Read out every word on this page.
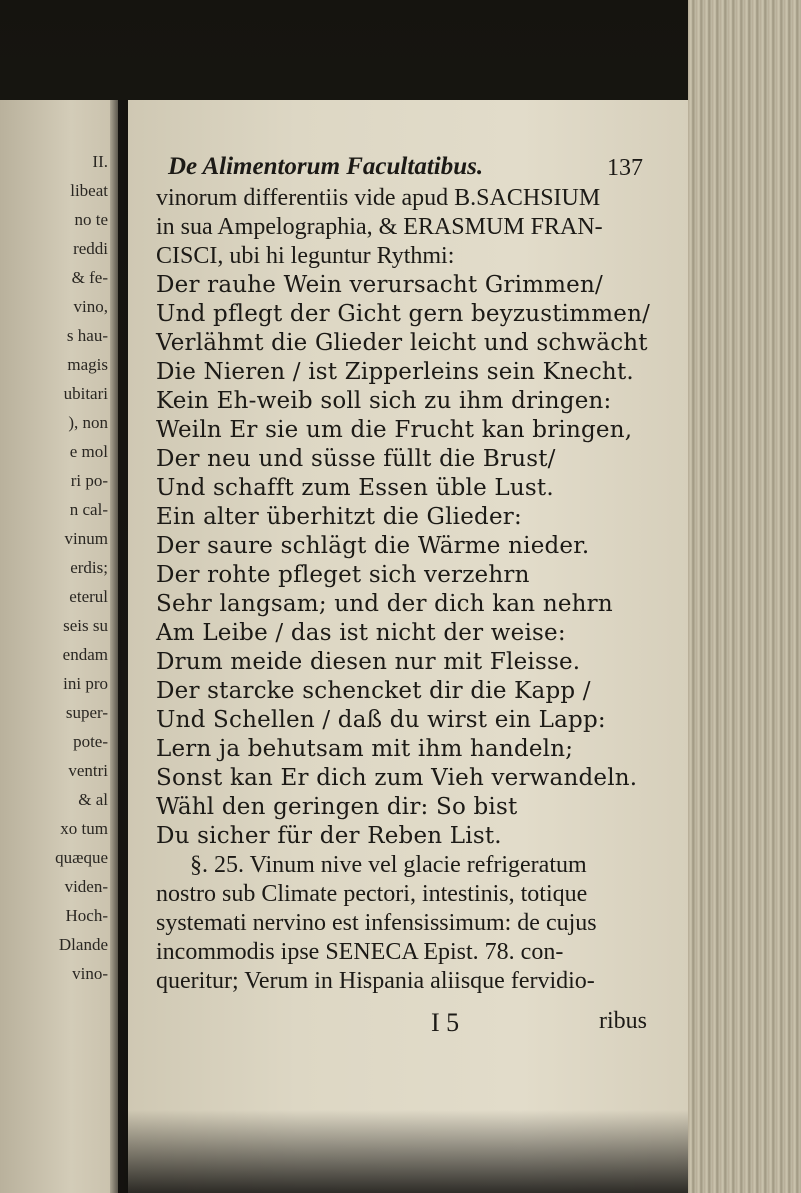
II.
libeat
no te
reddi
& fe-
vino,
s hau-
magis
ubitari
), non
e mol
ri po-
n cal-
vinum
erdis;
eterul
seis su
endam
ini pro
super-
pote-
ventri
& al
xo tum
quæque
viden-
Hoch-
Dlande
vino-
De Alimentorum Facultatibus.	137
vinorum differentiis vide apud B.SACHSIUM
in sua Ampelographia, & ERASMUM FRAN-
CISCI, ubi hi leguntur Rythmi:
Der rauhe Wein verursacht Grimmen/
Und pflegt der Gicht gern beyzustimmen/
Verlähmt die Glieder leicht und schwächt
Die Nieren / ist Zipperleins sein Knecht.
Kein Eh-weib soll sich zu ihm dringen:
Weiln Er sie um die Frucht kan bringen,
Der neu und süsse füllt die Brust/
Und schafft zum Essen üble Lust.
Ein alter überhitzt die Glieder:
Der saure schlägt die Wärme nieder.
Der rohte pfleget sich verzehrn
Sehr langsam; und der dich kan nehrn
Am Leibe / das ist nicht der weise:
Drum meide diesen nur mit Fleisse.
Der starcke schencket dir die Kapp /
Und Schellen / daß du wirst ein Lapp:
Lern ja behutsam mit ihm handeln;
Sonst kan Er dich zum Vieh verwandeln.
Wähl den geringen dir: So bist
Du sicher für der Reben List.
§. 25. Vinum nive vel glacie refrigeratum
nostro sub Climate pectori, intestinis, totique
systemati nervino est infensissimum: de cujus
incommodis ipse SENECA Epist. 78. con-
queritur; Verum in Hispania aliisque fervidio-
I 5	ribus
